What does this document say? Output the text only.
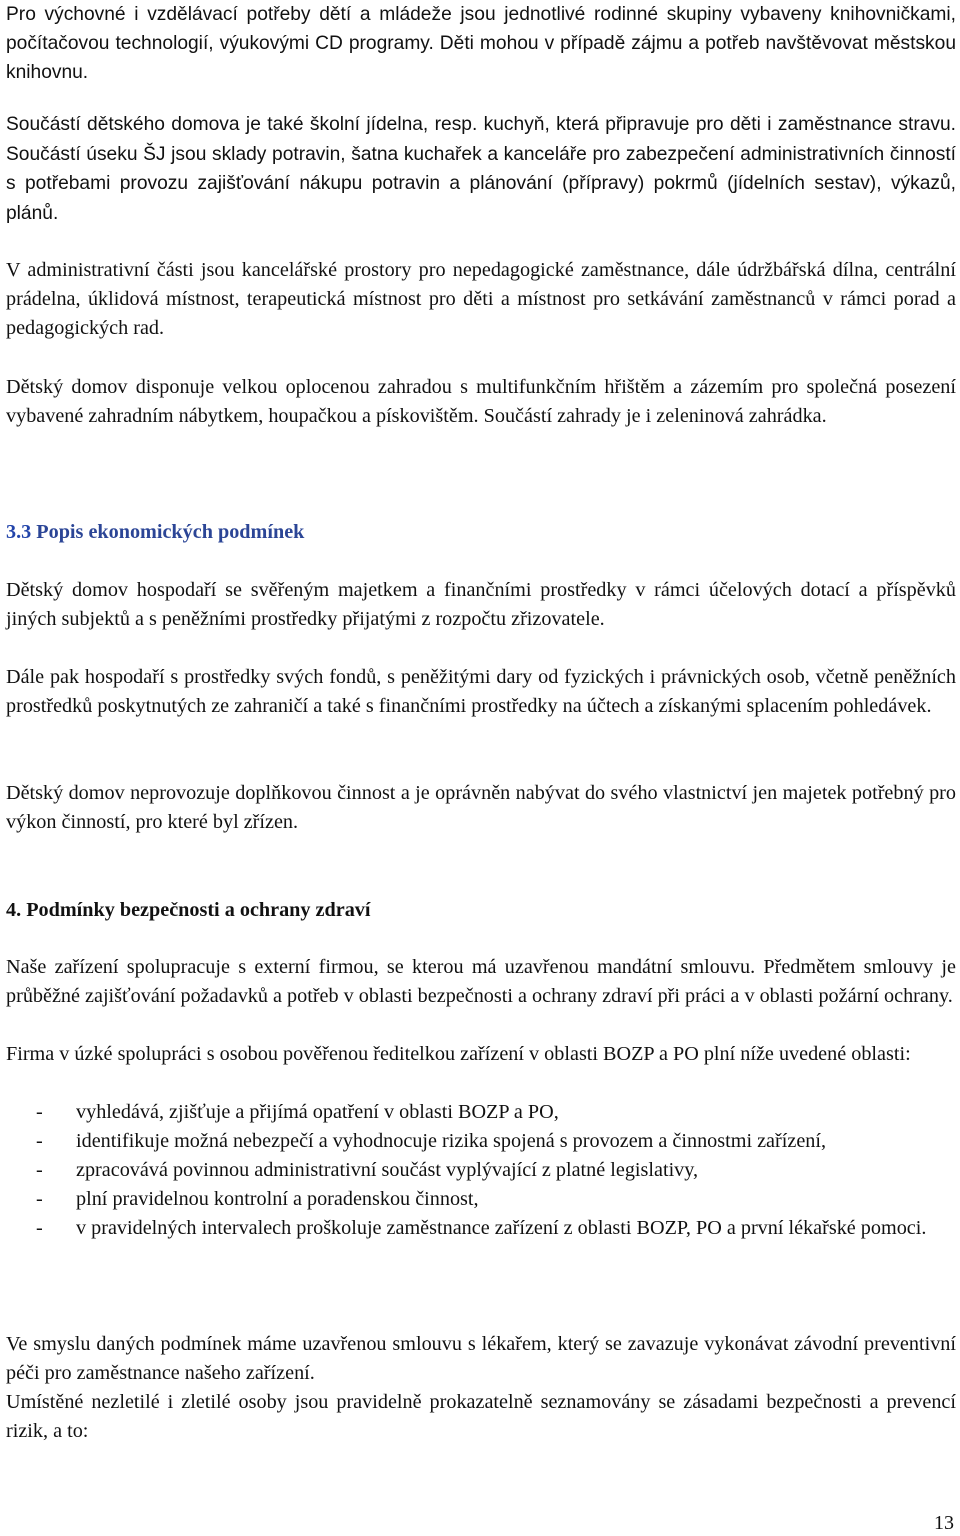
Pro výchovné i vzdělávací potřeby dětí a mládeže jsou jednotlivé rodinné skupiny vybaveny knihovničkami, počítačovou technologií, výukovými CD programy. Děti mohou v případě zájmu a potřeb navštěvovat městskou knihovnu.

Součástí dětského domova je také školní jídelna, resp. kuchyň, která připravuje pro děti i zaměstnance stravu. Součástí úseku ŠJ jsou sklady potravin, šatna kuchařek a kanceláře pro zabezpečení administrativních činností s potřebami provozu zajišťování nákupu potravin a plánování (přípravy) pokrmů (jídelních sestav), výkazů, plánů.

V administrativní části jsou kancelářské prostory pro nepedagogické zaměstnance, dále údržbářská dílna, centrální prádelna, úklidová místnost, terapeutická místnost pro děti a místnost pro setkávání zaměstnanců v rámci porad a pedagogických rad.

Dětský domov disponuje velkou oplocenou zahradou s multifunkčním hřištěm a zázemím pro společná posezení vybavené zahradním nábytkem, houpačkou a pískovištěm. Součástí zahrady je i zeleninová zahrádka.

3.3 Popis ekonomických podmínek

Dětský domov hospodaří se svěřeným majetkem a finančními prostředky v rámci účelových dotací a příspěvků jiných subjektů a s peněžními prostředky přijatými z rozpočtu zřizovatele.

Dále pak hospodaří s prostředky svých fondů, s peněžitými dary od fyzických i právnických osob, včetně peněžních prostředků poskytnutých ze zahraničí a také s finančními prostředky na účtech a získanými splacením pohledávek.

Dětský domov neprovozuje doplňkovou činnost a je oprávněn nabývat do svého vlastnictví jen majetek potřebný pro výkon činností, pro které byl zřízen.

4. Podmínky bezpečnosti a ochrany zdraví

Naše zařízení spolupracuje s externí firmou, se kterou má uzavřenou mandátní smlouvu. Předmětem smlouvy je průběžné zajišťování požadavků a potřeb v oblasti bezpečnosti a ochrany zdraví při práci a v oblasti požární ochrany.

Firma v úzké spolupráci s osobou pověřenou ředitelkou zařízení v oblasti BOZP a PO plní níže uvedené oblasti:

- vyhledává, zjišťuje a přijímá opatření v oblasti BOZP a PO,
- identifikuje možná nebezpečí a vyhodnocuje rizika spojená s provozem a činnostmi zařízení,
- zpracovává povinnou administrativní součást vyplývající z platné legislativy,
- plní pravidelnou kontrolní a poradenskou činnost,
- v pravidelných intervalech proškoluje zaměstnance zařízení z oblasti BOZP, PO a první lékařské pomoci.

Ve smyslu daných podmínek máme uzavřenou smlouvu s lékařem, který se zavazuje vykonávat závodní preventivní péči pro zaměstnance našeho zařízení.

Umístěné nezletilé i zletilé osoby jsou pravidelně prokazatelně seznamovány se zásadami bezpečnosti a prevencí rizik, a to:

13
